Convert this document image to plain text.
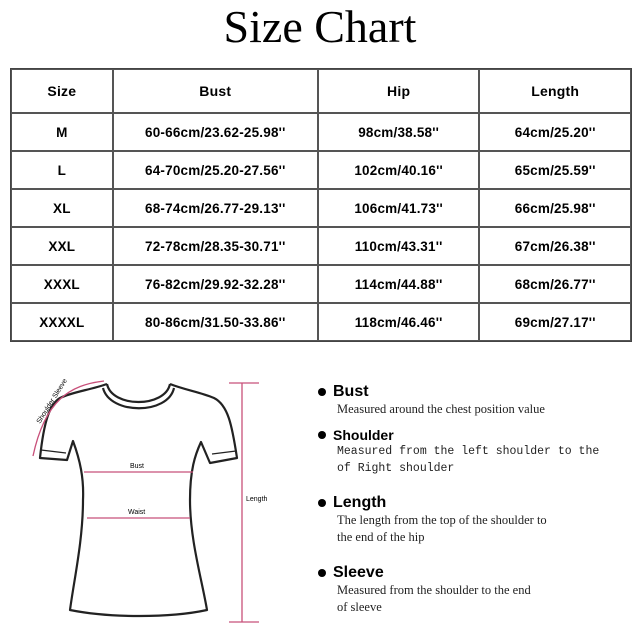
Size Chart
Size	Bust	Hip	Length
M	60-66cm/23.62-25.98''	98cm/38.58''	64cm/25.20''
L	64-70cm/25.20-27.56''	102cm/40.16''	65cm/25.59''
XL	68-74cm/26.77-29.13''	106cm/41.73''	66cm/25.98''
XXL	72-78cm/28.35-30.71''	110cm/43.31''	67cm/26.38''
XXXL	76-82cm/29.92-32.28''	114cm/44.88''	68cm/26.77''
XXXXL	80-86cm/31.50-33.86''	118cm/46.46''	69cm/27.17''
Shoulder Sleeve
Bust
Waist
Length
Bust
Measured around the chest position value
Shoulder
Measured from the left shoulder to the
of Right shoulder
Length
The length from the top of the shoulder to
the end of the hip
Sleeve
Measured from the shoulder to the end
of sleeve
